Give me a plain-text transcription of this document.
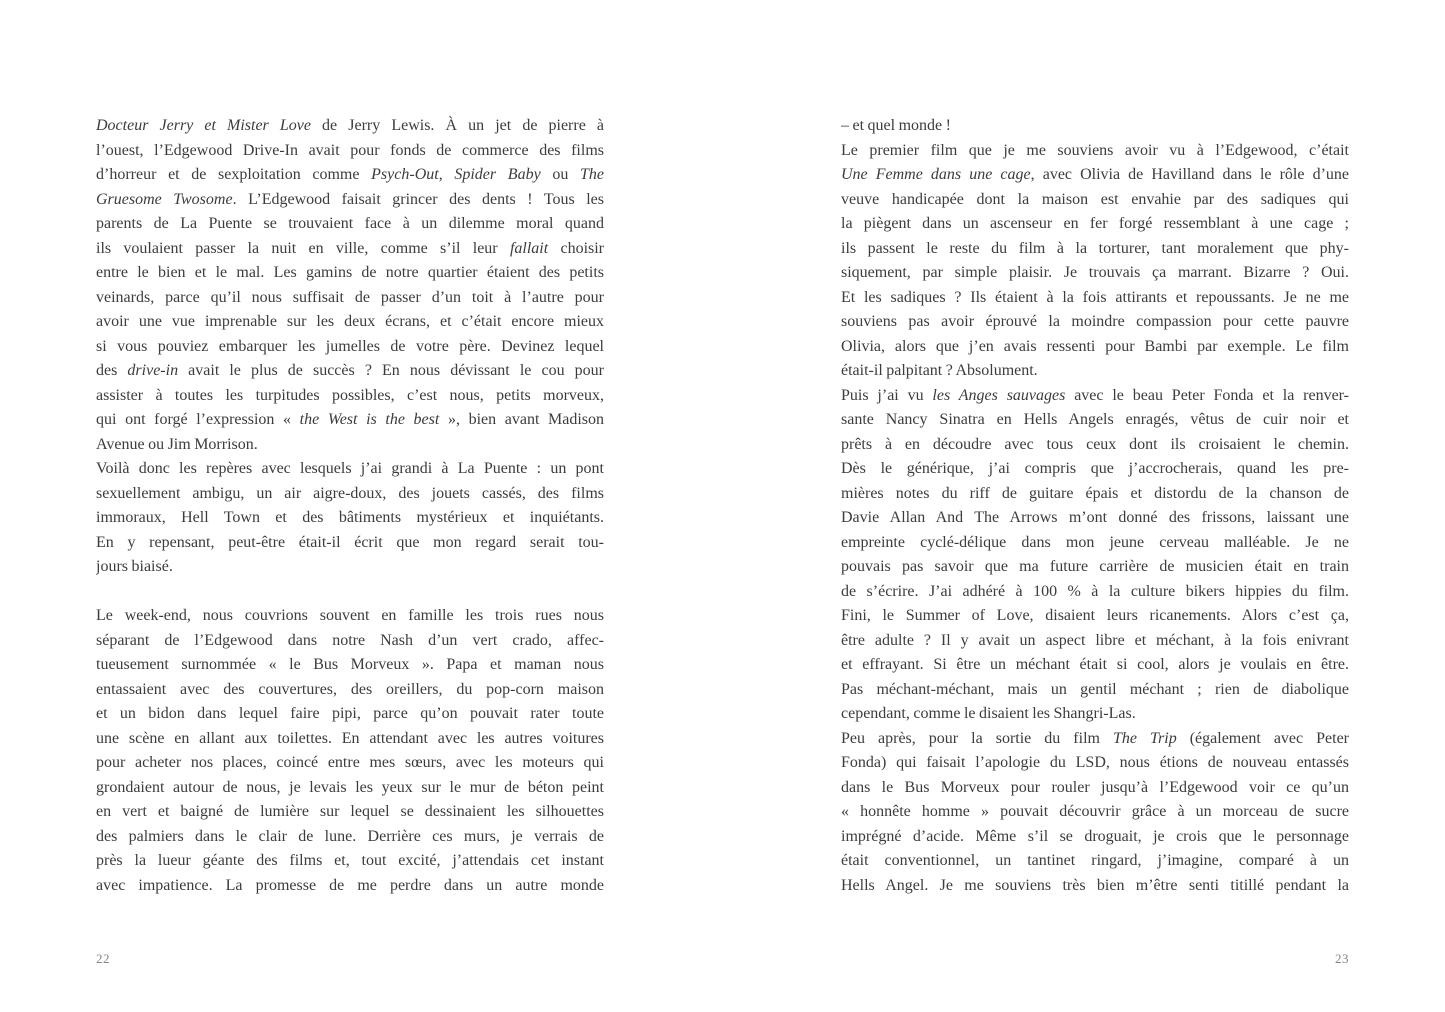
Docteur Jerry et Mister Love de Jerry Lewis. À un jet de pierre à
l’ouest, l’Edgewood Drive-In avait pour fonds de commerce des films
d’horreur et de sexploitation comme Psych-Out, Spider Baby ou The
Gruesome Twosome. L’Edgewood faisait grincer des dents ! Tous les
parents de La Puente se trouvaient face à un dilemme moral quand
ils voulaient passer la nuit en ville, comme s’il leur fallait choisir
entre le bien et le mal. Les gamins de notre quartier étaient des petits
veinards, parce qu’il nous suffisait de passer d’un toit à l’autre pour
avoir une vue imprenable sur les deux écrans, et c’était encore mieux
si vous pouviez embarquer les jumelles de votre père. Devinez lequel
des drive-in avait le plus de succès ? En nous dévissant le cou pour
assister à toutes les turpitudes possibles, c’est nous, petits morveux,
qui ont forgé l’expression « the West is the best », bien avant Madison
Avenue ou Jim Morrison.
Voilà donc les repères avec lesquels j’ai grandi à La Puente : un pont
sexuellement ambigu, un air aigre-doux, des jouets cassés, des films
immoraux, Hell Town et des bâtiments mystérieux et inquiétants.
En y repensant, peut-être était-il écrit que mon regard serait tou-
jours biaisé.
Le week-end, nous couvrions souvent en famille les trois rues nous
séparant de l’Edgewood dans notre Nash d’un vert crado, affec-
tueusement surnommée « le Bus Morveux ». Papa et maman nous
entassaient avec des couvertures, des oreillers, du pop-corn maison
et un bidon dans lequel faire pipi, parce qu’on pouvait rater toute
une scène en allant aux toilettes. En attendant avec les autres voitures
pour acheter nos places, coincé entre mes sœurs, avec les moteurs qui
grondaient autour de nous, je levais les yeux sur le mur de béton peint
en vert et baigné de lumière sur lequel se dessinaient les silhouettes
des palmiers dans le clair de lune. Derrière ces murs, je verrais de
près la lueur géante des films et, tout excité, j’attendais cet instant
avec impatience. La promesse de me perdre dans un autre monde
– et quel monde !
Le premier film que je me souviens avoir vu à l’Edgewood, c’était
Une Femme dans une cage, avec Olivia de Havilland dans le rôle d’une
veuve handicapée dont la maison est envahie par des sadiques qui
la piègent dans un ascenseur en fer forgé ressemblant à une cage ;
ils passent le reste du film à la torturer, tant moralement que phy-
siquement, par simple plaisir. Je trouvais ça marrant. Bizarre ? Oui.
Et les sadiques ? Ils étaient à la fois attirants et repoussants. Je ne me
souviens pas avoir éprouvé la moindre compassion pour cette pauvre
Olivia, alors que j’en avais ressenti pour Bambi par exemple. Le film
était-il palpitant ? Absolument.
Puis j’ai vu les Anges sauvages avec le beau Peter Fonda et la renver-
sante Nancy Sinatra en Hells Angels enragés, vêtus de cuir noir et
prêts à en découdre avec tous ceux dont ils croisaient le chemin.
Dès le générique, j’ai compris que j’accrocherais, quand les pre-
mières notes du riff de guitare épais et distordu de la chanson de
Davie Allan And The Arrows m’ont donné des frissons, laissant une
empreinte cyclé-délique dans mon jeune cerveau malléable. Je ne
pouvais pas savoir que ma future carrière de musicien était en train
de s’écrire. J’ai adhéré à 100 % à la culture bikers hippies du film.
Fini, le Summer of Love, disaient leurs ricanements. Alors c’est ça,
être adulte ? Il y avait un aspect libre et méchant, à la fois enivrant
et effrayant. Si être un méchant était si cool, alors je voulais en être.
Pas méchant-méchant, mais un gentil méchant ; rien de diabolique
cependant, comme le disaient les Shangri-Las.
Peu après, pour la sortie du film The Trip (également avec Peter
Fonda) qui faisait l’apologie du LSD, nous étions de nouveau entassés
dans le Bus Morveux pour rouler jusqu’à l’Edgewood voir ce qu’un
« honnête homme » pouvait découvrir grâce à un morceau de sucre
imprégné d’acide. Même s’il se droguait, je crois que le personnage
était conventionnel, un tantinet ringard, j’imagine, comparé à un
Hells Angel. Je me souviens très bien m’être senti titillé pendant la
22	23
